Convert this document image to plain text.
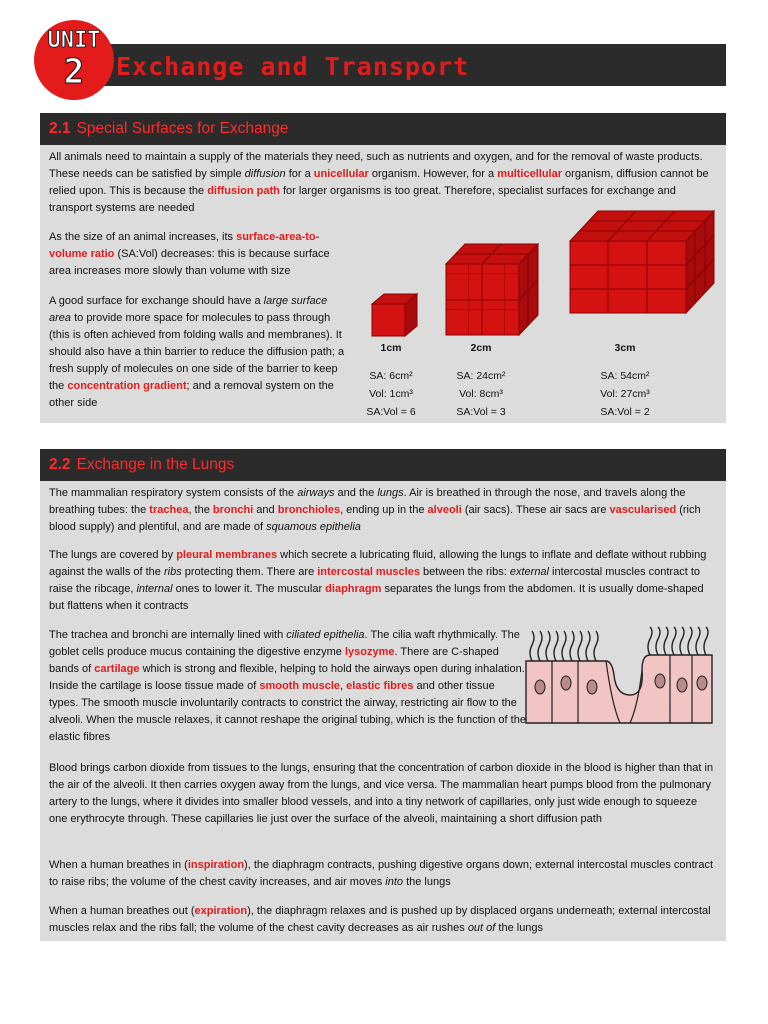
UNIT
2	Exchange and Transport
2.1 Special Surfaces for Exchange

All animals need to maintain a supply of the materials they need, such as nutrients and oxygen, and for the removal of waste products. These needs can be satisfied by simple diffusion for a unicellular organism. However, for a multicellular organism, diffusion cannot be relied upon. This is because the diffusion path for larger organisms is too great. Therefore, specialist surfaces for exchange and transport systems are needed

As the size of an animal increases, its surface-area-to-volume ratio (SA:Vol) decreases: this is because surface area increases more slowly than volume with size

A good surface for exchange should have a large surface area to provide more space for molecules to pass through (this is often achieved from folding walls and membranes). It should also have a thin barrier to reduce the diffusion path; a fresh supply of molecules on one side of the barrier to keep the concentration gradient; and a removal system on the other side

1cm	2cm	3cm
SA: 6cm²	SA: 24cm²	SA: 54cm²
Vol: 1cm³	Vol: 8cm³	Vol: 27cm³
SA:Vol = 6	SA:Vol = 3	SA:Vol = 2
2.2 Exchange in the Lungs

The mammalian respiratory system consists of the airways and the lungs. Air is breathed in through the nose, and travels along the breathing tubes: the trachea, the bronchi and bronchioles, ending up in the alveoli (air sacs). These air sacs are vascularised (rich blood supply) and plentiful, and are made of squamous epithelia

The lungs are covered by pleural membranes which secrete a lubricating fluid, allowing the lungs to inflate and deflate without rubbing against the walls of the ribs protecting them. There are intercostal muscles between the ribs: external intercostal muscles contract to raise the ribcage, internal ones to lower it. The muscular diaphragm separates the lungs from the abdomen. It is usually dome-shaped but flattens when it contracts

The trachea and bronchi are internally lined with ciliated epithelia. The cilia waft rhythmically. The goblet cells produce mucus containing the digestive enzyme lysozyme. There are C-shaped bands of cartilage which is strong and flexible, helping to hold the airways open during inhalation. Inside the cartilage is loose tissue made of smooth muscle, elastic fibres and other tissue types. The smooth muscle involuntarily contracts to constrict the airway, restricting air flow to the alveoli. When the muscle relaxes, it cannot reshape the original tubing, which is the function of the elastic fibres

Blood brings carbon dioxide from tissues to the lungs, ensuring that the concentration of carbon dioxide in the blood is higher than that in the air of the alveoli. It then carries oxygen away from the lungs, and vice versa. The mammalian heart pumps blood from the pulmonary artery to the lungs, where it divides into smaller blood vessels, and into a tiny network of capillaries, only just wide enough to squeeze one erythrocyte through. These capillaries lie just over the surface of the alveoli, maintaining a short diffusion path

When a human breathes in (inspiration), the diaphragm contracts, pushing digestive organs down; external intercostal muscles contract to raise ribs; the volume of the chest cavity increases, and air moves into the lungs

When a human breathes out (expiration), the diaphragm relaxes and is pushed up by displaced organs underneath; external intercostal muscles relax and the ribs fall; the volume of the chest cavity decreases as air rushes out of the lungs
